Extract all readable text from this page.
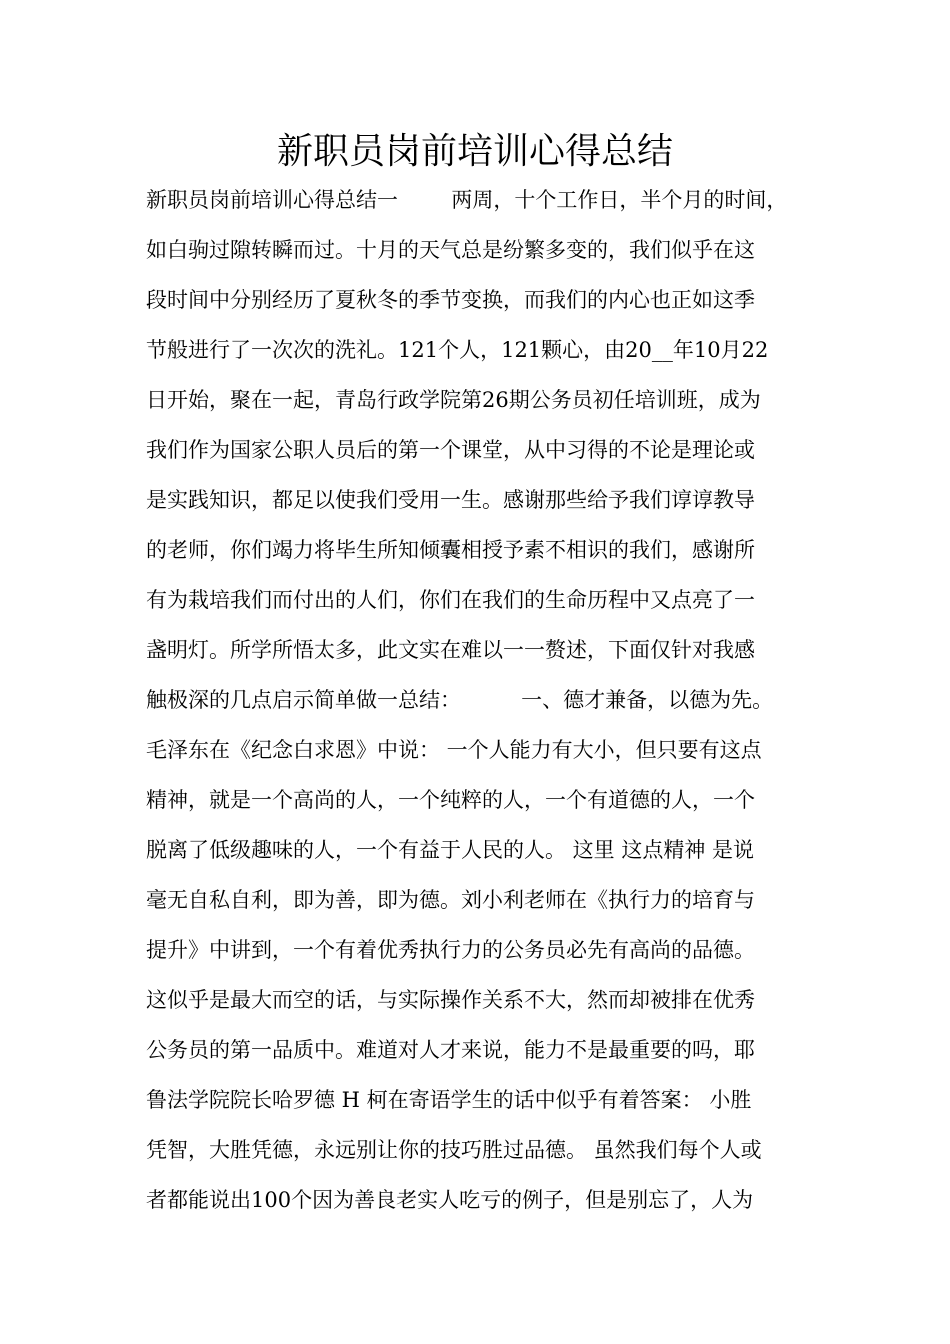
新职员岗前培训心得总结
新职员岗前培训心得总结一        两周，十个工作日，半个月的时间，
如白驹过隙转瞬而过。十月的天气总是纷繁多变的，我们似乎在这
段时间中分别经历了夏秋冬的季节变换，而我们的内心也正如这季
节般进行了一次次的洗礼。121个人，121颗心，由20__年10月22
日开始，聚在一起，青岛行政学院第26期公务员初任培训班，成为
我们作为国家公职人员后的第一个课堂，从中习得的不论是理论或
是实践知识，都足以使我们受用一生。感谢那些给予我们谆谆教导
的老师，你们竭力将毕生所知倾囊相授予素不相识的我们，感谢所
有为栽培我们而付出的人们，你们在我们的生命历程中又点亮了一
盏明灯。所学所悟太多，此文实在难以一一赘述，下面仅针对我感
触极深的几点启示简单做一总结：         一、德才兼备，以德为先。
毛泽东在《纪念白求恩》中说： 一个人能力有大小，但只要有这点
精神，就是一个高尚的人，一个纯粹的人，一个有道德的人，一个
脱离了低级趣味的人，一个有益于人民的人。 这里 这点精神 是说
毫无自私自利，即为善，即为德。刘小利老师在《执行力的培育与
提升》中讲到，一个有着优秀执行力的公务员必先有高尚的品德。
这似乎是最大而空的话，与实际操作关系不大，然而却被排在优秀
公务员的第一品质中。难道对人才来说，能力不是最重要的吗，耶
鲁法学院院长哈罗德 H 柯在寄语学生的话中似乎有着答案： 小胜
凭智，大胜凭德，永远别让你的技巧胜过品德。 虽然我们每个人或
者都能说出100个因为善良老实人吃亏的例子，但是别忘了，人为
